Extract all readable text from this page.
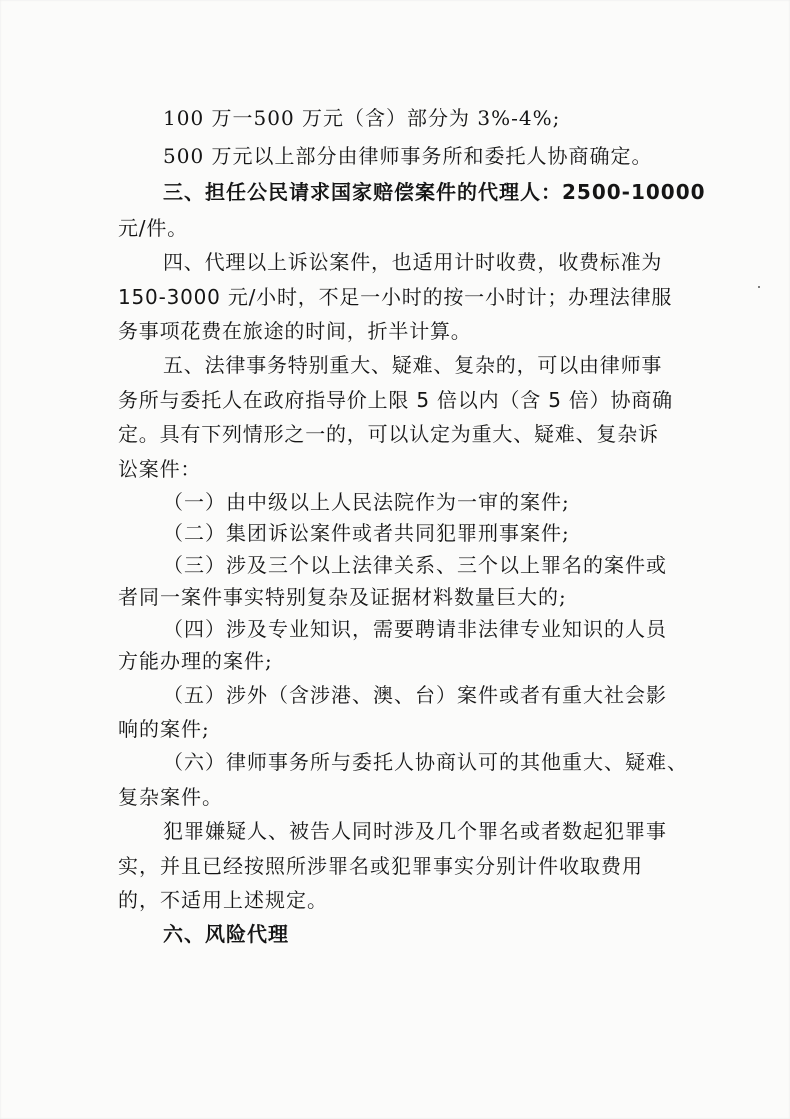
100 万一500 万元（含）部分为 3%-4%;
500 万元以上部分由律师事务所和委托人协商确定。
三、担任公民请求国家赔偿案件的代理人：2500-10000
元/件。
四、代理以上诉讼案件，也适用计时收费，收费标准为
150-3000 元/小时，不足一小时的按一小时计；办理法律服
务事项花费在旅途的时间，折半计算。
五、法律事务特别重大、疑难、复杂的，可以由律师事
务所与委托人在政府指导价上限 5 倍以内（含 5 倍）协商确
定。具有下列情形之一的，可以认定为重大、疑难、复杂诉
讼案件：
（一）由中级以上人民法院作为一审的案件;
（二）集团诉讼案件或者共同犯罪刑事案件;
（三）涉及三个以上法律关系、三个以上罪名的案件或
者同一案件事实特别复杂及证据材料数量巨大的;
（四）涉及专业知识，需要聘请非法律专业知识的人员
方能办理的案件;
（五）涉外（含涉港、澳、台）案件或者有重大社会影
响的案件;
（六）律师事务所与委托人协商认可的其他重大、疑难、
复杂案件。
犯罪嫌疑人、被告人同时涉及几个罪名或者数起犯罪事
实，并且已经按照所涉罪名或犯罪事实分别计件收取费用
的，不适用上述规定。
六、风险代理
